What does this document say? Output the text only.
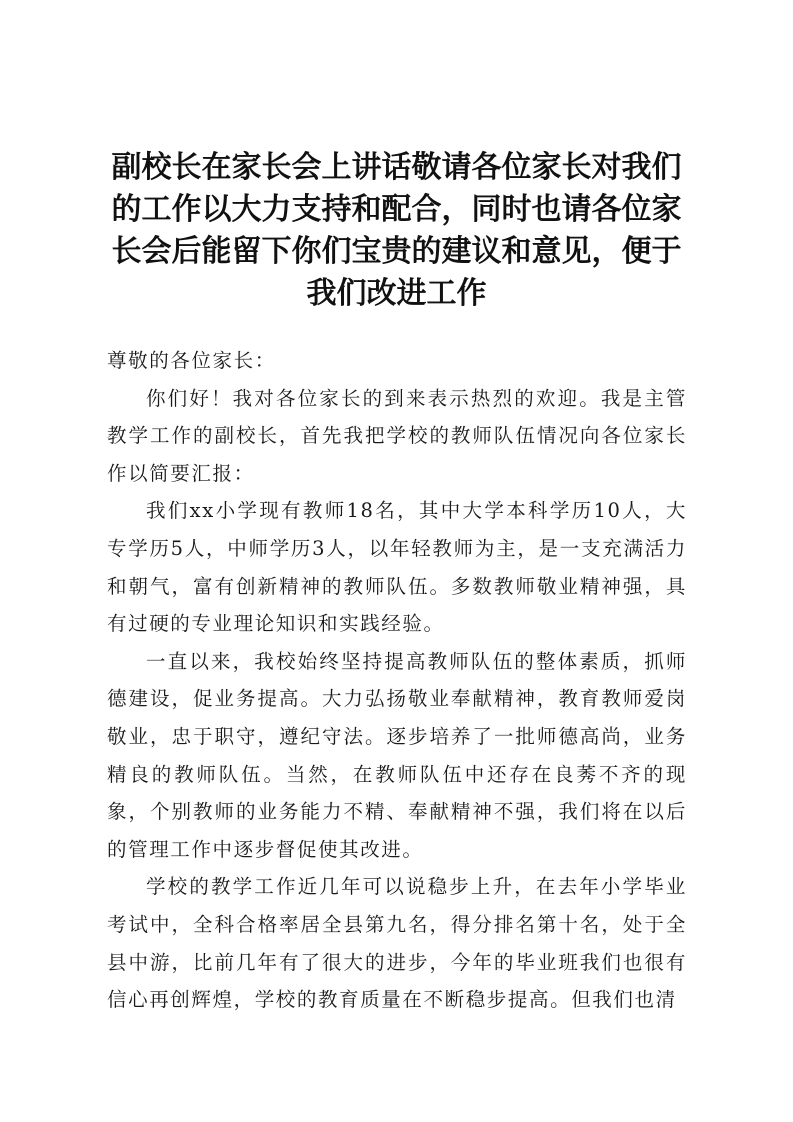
副校长在家长会上讲话敬请各位家长对我们的工作以大力支持和配合，同时也请各位家长会后能留下你们宝贵的建议和意见，便于我们改进工作

尊敬的各位家长：

你们好！我对各位家长的到来表示热烈的欢迎。我是主管教学工作的副校长，首先我把学校的教师队伍情况向各位家长作以简要汇报：

我们xx小学现有教师18名，其中大学本科学历10人，大专学历5人，中师学历3人，以年轻教师为主，是一支充满活力和朝气，富有创新精神的教师队伍。多数教师敬业精神强，具有过硬的专业理论知识和实践经验。

一直以来，我校始终坚持提高教师队伍的整体素质，抓师德建设，促业务提高。大力弘扬敬业奉献精神，教育教师爱岗敬业，忠于职守，遵纪守法。逐步培养了一批师德高尚，业务精良的教师队伍。当然，在教师队伍中还存在良莠不齐的现象，个别教师的业务能力不精、奉献精神不强，我们将在以后的管理工作中逐步督促使其改进。

学校的教学工作近几年可以说稳步上升，在去年小学毕业考试中，全科合格率居全县第九名，得分排名第十名，处于全县中游，比前几年有了很大的进步，今年的毕业班我们也很有信心再创辉煌，学校的教育质量在不断稳步提高。但我们也清
